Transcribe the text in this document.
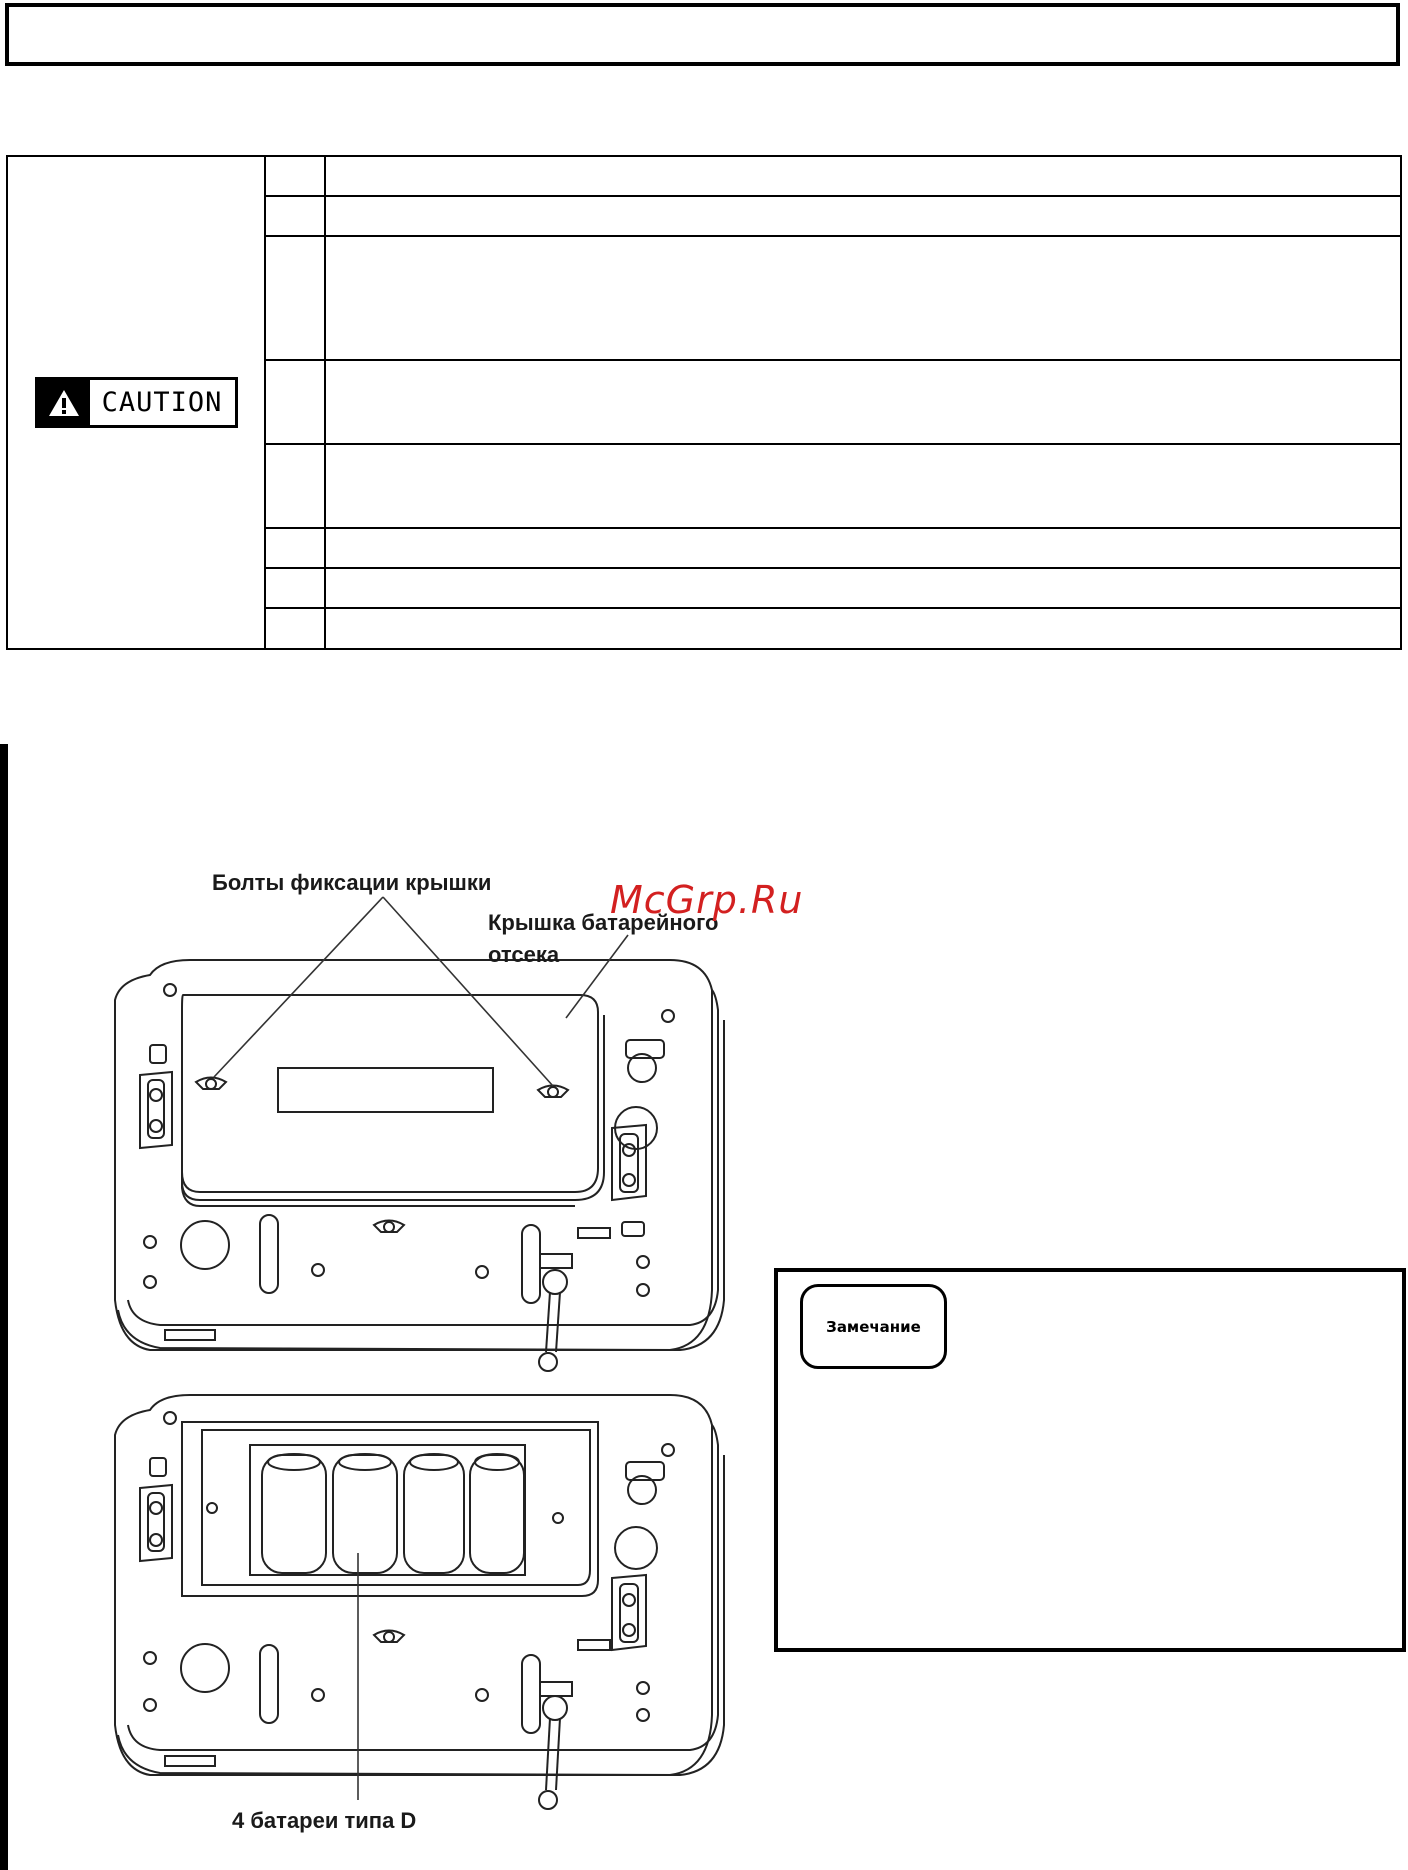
CAUTION		

Болты фиксации крышки
Крышка батарейного
отсека
4 батареи типа D
McGrp.Ru
Замечание
